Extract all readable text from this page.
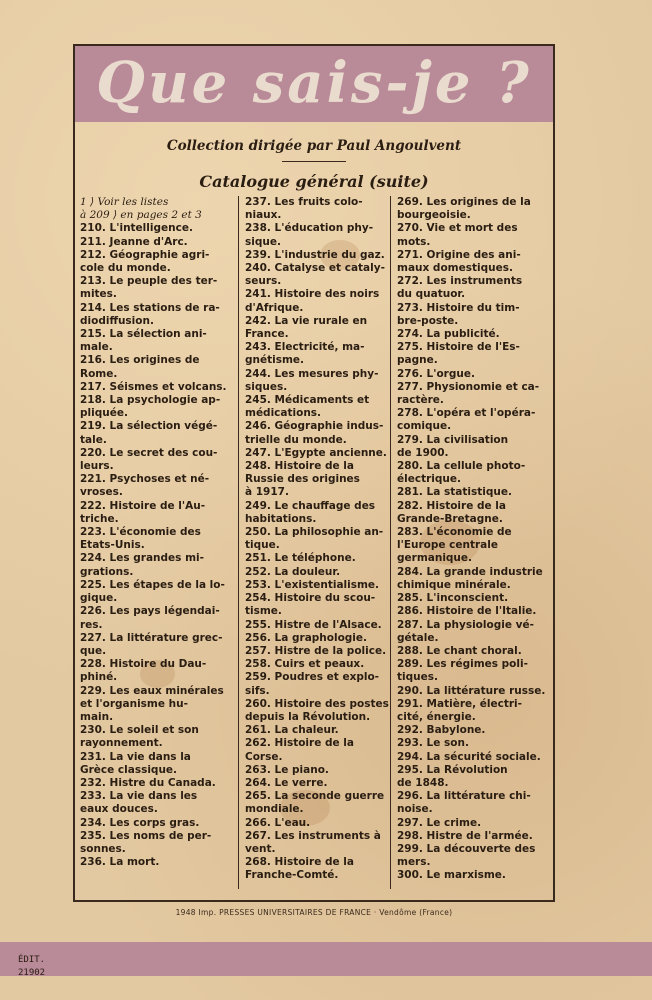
Que sais-je ?
Collection dirigée par Paul Angoulvent
Catalogue général (suite)
1 ⟩ Voir les listes
à 209 ⟩ en pages 2 et 3
210. L'intelligence.
211. Jeanne d'Arc.
212. Géographie agri-
cole du monde.
213. Le peuple des ter-
mites.
214. Les stations de ra-
diodiffusion.
215. La sélection ani-
male.
216. Les origines de
Rome.
217. Séismes et volcans.
218. La psychologie ap-
pliquée.
219. La sélection végé-
tale.
220. Le secret des cou-
leurs.
221. Psychoses et né-
vroses.
222. Histoire de l'Au-
triche.
223. L'économie des
Etats-Unis.
224. Les grandes mi-
grations.
225. Les étapes de la lo-
gique.
226. Les pays légendai-
res.
227. La littérature grec-
que.
228. Histoire du Dau-
phiné.
229. Les eaux minérales
et l'organisme hu-
main.
230. Le soleil et son
rayonnement.
231. La vie dans la
Grèce classique.
232. Histre du Canada.
233. La vie dans les
eaux douces.
234. Les corps gras.
235. Les noms de per-
sonnes.
236. La mort.
237. Les fruits colo-
niaux.
238. L'éducation phy-
sique.
239. L'industrie du gaz.
240. Catalyse et cataly-
seurs.
241. Histoire des noirs
d'Afrique.
242. La vie rurale en
France.
243. Electricité, ma-
gnétisme.
244. Les mesures phy-
siques.
245. Médicaments et
médications.
246. Géographie indus-
trielle du monde.
247. L'Egypte ancienne.
248. Histoire de la
Russie des origines
à 1917.
249. Le chauffage des
habitations.
250. La philosophie an-
tique.
251. Le téléphone.
252. La douleur.
253. L'existentialisme.
254. Histoire du scou-
tisme.
255. Histre de l'Alsace.
256. La graphologie.
257. Histre de la police.
258. Cuirs et peaux.
259. Poudres et explo-
sifs.
260. Histoire des postes
depuis la Révolution.
261. La chaleur.
262. Histoire de la Corse.
263. Le piano.
264. Le verre.
265. La seconde guerre
mondiale.
266. L'eau.
267. Les instruments à
vent.
268. Histoire de la
Franche-Comté.
269. Les origines de la
bourgeoisie.
270. Vie et mort des mots.
271. Origine des ani-
maux domestiques.
272. Les instruments
du quatuor.
273. Histoire du tim-
bre-poste.
274. La publicité.
275. Histoire de l'Es-
pagne.
276. L'orgue.
277. Physionomie et ca-
ractère.
278. L'opéra et l'opéra-
comique.
279. La civilisation
de 1900.
280. La cellule photo-
électrique.
281. La statistique.
282. Histoire de la
Grande-Bretagne.
283. L'économie de
l'Europe centrale
germanique.
284. La grande industrie
chimique minérale.
285. L'inconscient.
286. Histoire de l'Italie.
287. La physiologie vé-
gétale.
288. Le chant choral.
289. Les régimes poli-
tiques.
290. La littérature russe.
291. Matière, électri-
cité, énergie.
292. Babylone.
293. Le son.
294. La sécurité sociale.
295. La Révolution
de 1848.
296. La littérature chi-
noise.
297. Le crime.
298. Histre de l'armée.
299. La découverte des
mers.
300. Le marxisme.
1948 Imp. PRESSES UNIVERSITAIRES DE FRANCE · Vendôme (France)
ÉDIT.
21902
